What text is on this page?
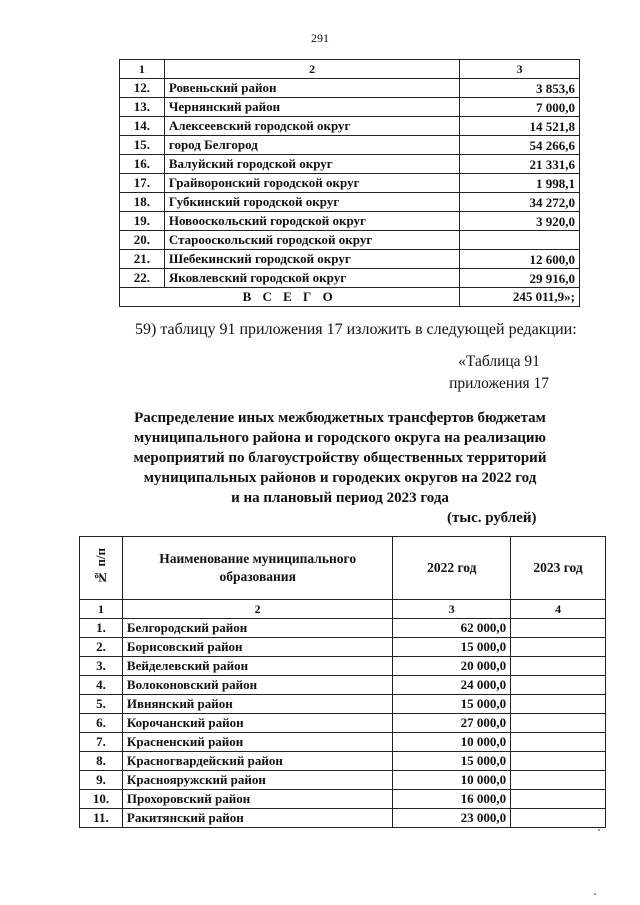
291
1	2	3
12.	Ровеньский район	3 853,6
13.	Чернянский район	7 000,0
14.	Алексеевский городской округ	14 521,8
15.	город Белгород	54 266,6
16.	Валуйский городской округ	21 331,6
17.	Грайворонский городской округ	1 998,1
18.	Губкинский городской округ	34 272,0
19.	Новооскольский городской округ	3 920,0
20.	Старооскольский городской округ	
21.	Шебекинский городской округ	12 600,0
22.	Яковлевский городской округ	29 916,0
В С Е Г О		245 011,9»;
59) таблицу 91 приложения 17 изложить в следующей редакции:
«Таблица 91
приложения 17
Распределение иных межбюджетных трансфертов бюджетам
муниципального района и городского округа на реализацию
мероприятий по благоустройству общественных территорий
муниципальных районов и городеких округов на 2022 год
и на плановый период 2023 года
(тыс. рублей)
№ п/п	Наименование муниципального образования	2022 год	2023 год
1	2	3	4
1.	Белгородский район	62 000,0	
2.	Борисовский район	15 000,0	
3.	Вейделевский район	20 000,0	
4.	Волоконовский район	24 000,0	
5.	Ивнянский район	15 000,0	
6.	Корочанский район	27 000,0	
7.	Красненский район	10 000,0	
8.	Красногвардейский район	15 000,0	
9.	Краснояружский район	10 000,0	
10.	Прохоровский район	16 000,0	
11.	Ракитянский район	23 000,0	
